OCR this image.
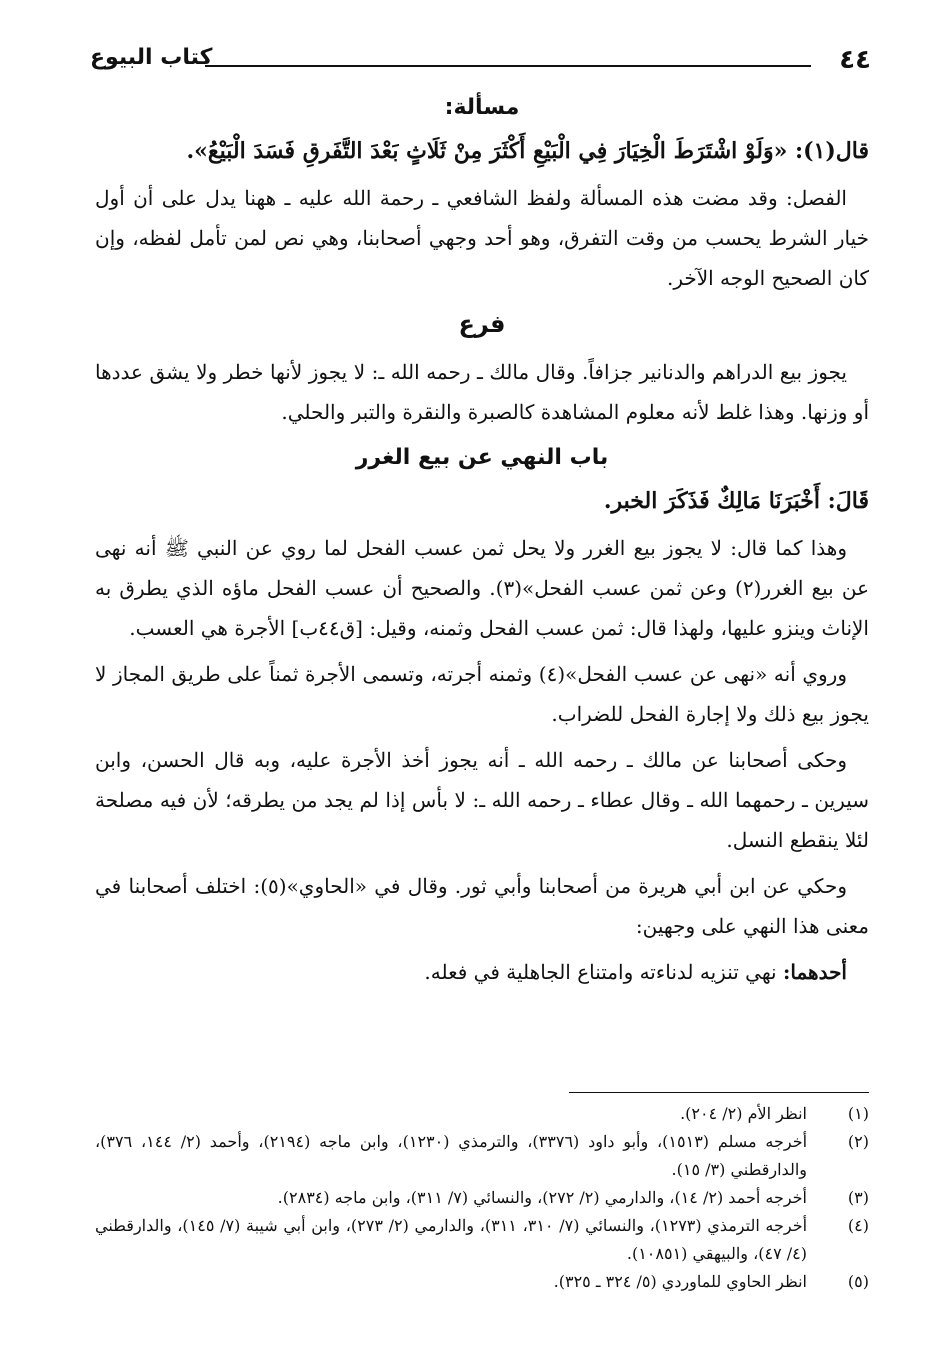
٤٤
كتاب البيوع
مسألة:

قال(١): «وَلَوْ اشْتَرَطَ الْخِيَارَ فِي الْبَيْعِ أَكْثَرَ مِنْ ثَلَاثٍ بَعْدَ التَّفَرقِ فَسَدَ الْبَيْعُ».

الفصل: وقد مضت هذه المسألة ولفظ الشافعي ـ رحمة الله عليه ـ ههنا يدل على أن أول خيار الشرط يحسب من وقت التفرق، وهو أحد وجهي أصحابنا، وهي نص لمن تأمل لفظه، وإن كان الصحيح الوجه الآخر.

فرع

يجوز بيع الدراهم والدنانير جزافاً. وقال مالك ـ رحمه الله ـ: لا يجوز لأنها خطر ولا يشق عددها أو وزنها. وهذا غلط لأنه معلوم المشاهدة كالصبرة والنقرة والتبر والحلي.

باب النهي عن بيع الغرر

قَالَ: أَخْبَرَنَا مَالِكٌ فَذَكَرَ الخبر.

وهذا كما قال: لا يجوز بيع الغرر ولا يحل ثمن عسب الفحل لما روي عن النبي ﷺ أنه نهى عن بيع الغرر(٢) وعن ثمن عسب الفحل»(٣). والصحيح أن عسب الفحل ماؤه الذي يطرق به الإناث وينزو عليها، ولهذا قال: ثمن عسب الفحل وثمنه، وقيل: [ق٤٤ب] الأجرة هي العسب.

وروي أنه «نهى عن عسب الفحل»(٤) وثمنه أجرته، وتسمى الأجرة ثمناً على طريق المجاز لا يجوز بيع ذلك ولا إجارة الفحل للضراب.

وحكى أصحابنا عن مالك ـ رحمه الله ـ أنه يجوز أخذ الأجرة عليه، وبه قال الحسن، وابن سيرين ـ رحمهما الله ـ وقال عطاء ـ رحمه الله ـ: لا بأس إذا لم يجد من يطرقه؛ لأن فيه مصلحة لئلا ينقطع النسل.

وحكي عن ابن أبي هريرة من أصحابنا وأبي ثور. وقال في «الحاوي»(٥): اختلف أصحابنا في معنى هذا النهي على وجهين:

أحدهما: نهي تنزيه لدناءته وامتناع الجاهلية في فعله.

(١)
انظر الأم (٢/ ٢٠٤).
(٢)
أخرجه مسلم (١٥١٣)، وأبو داود (٣٣٧٦)، والترمذي (١٢٣٠)، وابن ماجه (٢١٩٤)، وأحمد (٢/ ١٤٤، ٣٧٦)، والدارقطني (٣/ ١٥).
(٣)
أخرجه أحمد (٢/ ١٤)، والدارمي (٢/ ٢٧٢)، والنسائي (٧/ ٣١١)، وابن ماجه (٢٨٣٤).
(٤)
أخرجه الترمذي (١٢٧٣)، والنسائي (٧/ ٣١٠، ٣١١)، والدارمي (٢/ ٢٧٣)، وابن أبي شيبة (٧/ ١٤٥)، والدارقطني (٤/ ٤٧)، والبيهقي (١٠٨٥١).
(٥)
انظر الحاوي للماوردي (٥/ ٣٢٤ ـ ٣٢٥).
